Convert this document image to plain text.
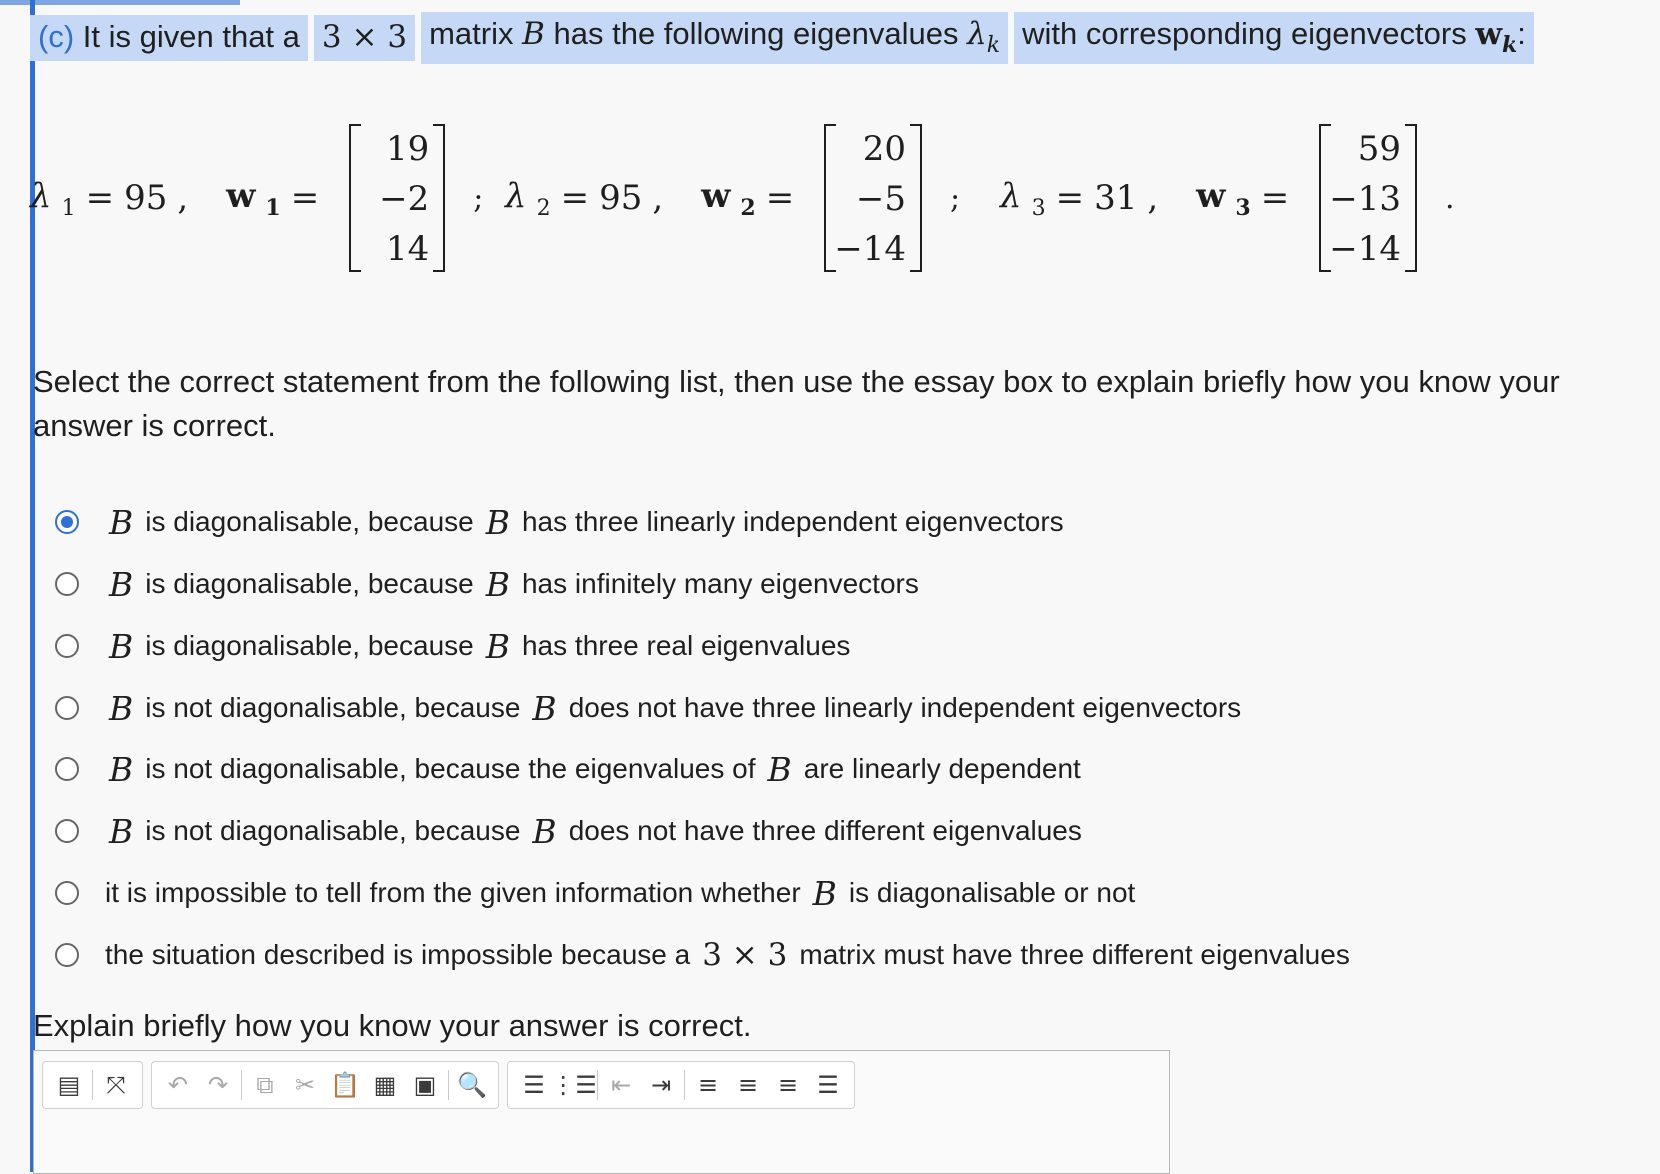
(c)
It is given that a 3
×
3 matrix
B
has the following eigenvalues
$\lambda_k$ with corresponding eigenvectors
$w_k$ :
λ $_1$ = 95 , w $_1$ =
19
−2
14
; λ $_2$ = 95 , w $_2$ =
20
−5
−14
; λ $_3$ = 31 , w $_3$ =
59
−13
−14
.
Select the correct statement from the following list, then use the essay box to explain briefly how you know your answer is correct.
B is diagonalisable, because B has three linearly independent eigenvectors
B is diagonalisable, because B has infinitely many eigenvectors
B is diagonalisable, because B has three real eigenvalues
B is not diagonalisable, because B does not have three linearly independent eigenvectors
B is not diagonalisable, because the eigenvalues of B are linearly dependent
B is not diagonalisable, because B does not have three different eigenvalues
it is impossible to tell from the given information whether B is diagonalisable or not
the situation described is impossible because a 3 × 3 matrix must have three different eigenvalues
Explain briefly how you know your answer is correct.
▤	⤧	↶ ↷	⧉ ✂ 📋 ▦ ▣ 🔍	☰ ⋮☰ ⇤ ⇥	≡ ≡ ≡ ☰
